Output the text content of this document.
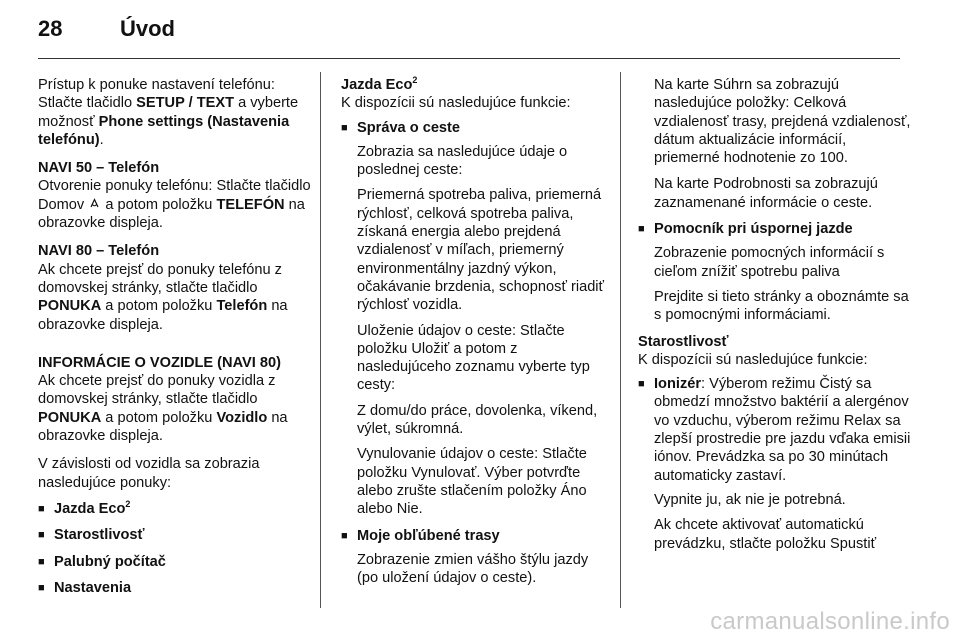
28	Úvod

Prístup k ponuke nastavení telefónu: Stlačte tlačidlo SETUP / TEXT a vyberte možnosť Phone settings (Nastavenia telefónu).

NAVI 50 – Telefón
Otvorenie ponuky telefónu: Stlačte tlačidlo Domov  a potom položku TELEFÓN na obrazovke displeja.

NAVI 80 – Telefón
Ak chcete prejsť do ponuky telefónu z domovskej stránky, stlačte tlačidlo PONUKA a potom položku Telefón na obrazovke displeja.

INFORMÁCIE O VOZIDLE (NAVI 80)
Ak chcete prejsť do ponuky vozidla z domovskej stránky, stlačte tlačidlo PONUKA a potom položku Vozidlo na obrazovke displeja.

V závislosti od vozidla sa zobrazia nasledujúce ponuky:

■ Jazda Eco$^2$
■ Starostlivosť
■ Palubný počítač
■ Nastavenia

Jazda Eco$^2$
K dispozícii sú nasledujúce funkcie:

■ Správa o ceste

Zobrazia sa nasledujúce údaje o poslednej ceste:

Priemerná spotreba paliva, priemerná rýchlosť, celková spotreba paliva, získaná energia alebo prejdená vzdialenosť v míľach, priemerný environmentálny jazdný výkon, očakávanie brzdenia, schopnosť riadiť rýchlosť vozidla.

Uloženie údajov o ceste: Stlačte položku Uložiť a potom z nasledujúceho zoznamu vyberte typ cesty:

Z domu/do práce, dovolenka, víkend, výlet, súkromná.

Vynulovanie údajov o ceste: Stlačte položku Vynulovať. Výber potvrďte alebo zrušte stlačením položky Áno alebo Nie.

■ Moje obľúbené trasy

Zobrazenie zmien vášho štýlu jazdy (po uložení údajov o ceste).

Na karte Súhrn sa zobrazujú nasledujúce položky: Celková vzdialenosť trasy, prejdená vzdialenosť, dátum aktualizácie informácií, priemerné hodnotenie zo 100.

Na karte Podrobnosti sa zobrazujú zaznamenané informácie o ceste.

■ Pomocník pri úspornej jazde

Zobrazenie pomocných informácií s cieľom znížiť spotrebu paliva

Prejdite si tieto stránky a oboznámte sa s pomocnými informáciami.

Starostlivosť
K dispozícii sú nasledujúce funkcie:

■ Ionizér: Výberom režimu Čistý sa obmedzí množstvo baktérií a alergénov vo vzduchu, výberom režimu Relax sa zlepší prostredie pre jazdu vďaka emisii iónov. Prevádzka sa po 30 minútach automaticky zastaví.

Vypnite ju, ak nie je potrebná.

Ak chcete aktivovať automatickú prevádzku, stlačte položku Spustiť

carmanualsonline.info
